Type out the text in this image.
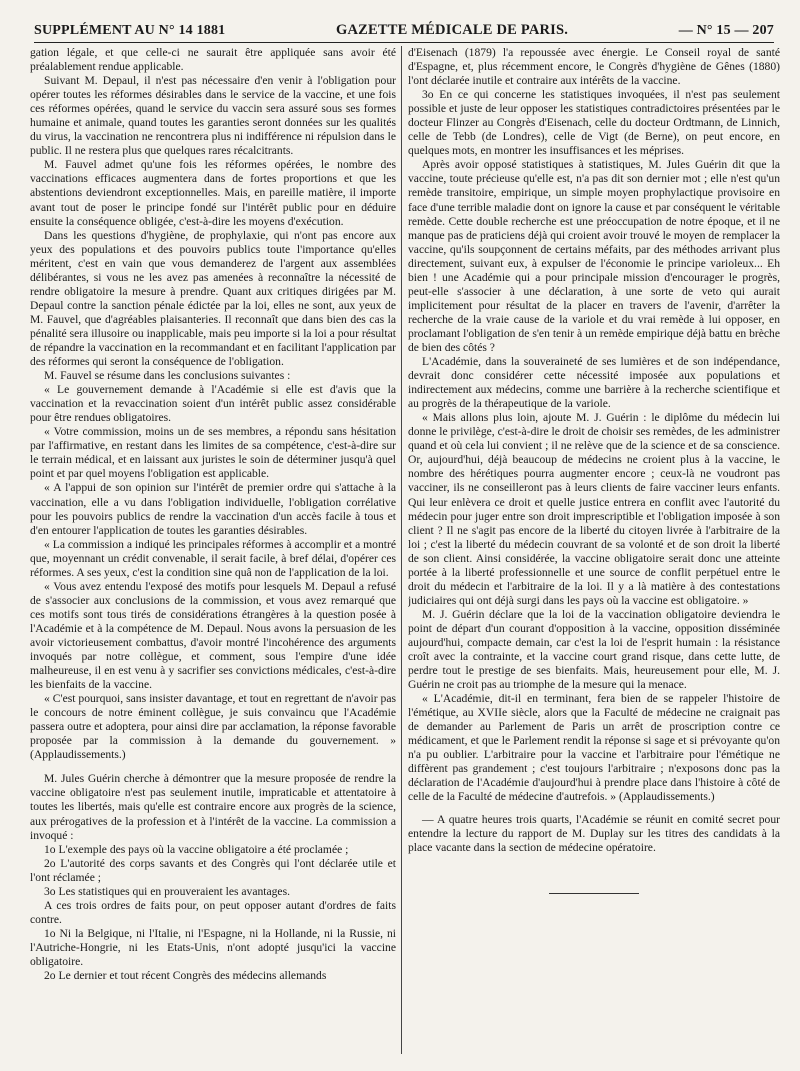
SUPPLÉMENT AU N° 14 1881	GAZETTE MÉDICALE DE PARIS.	— N° 15 — 207

gation légale, et que celle-ci ne saurait être appliquée sans avoir été préalablement rendue applicable.

Suivant M. Depaul, il n'est pas nécessaire d'en venir à l'obligation pour opérer toutes les réformes désirables dans le service de la vaccine, et une fois ces réformes opérées, quand le service du vaccin sera assuré sous ses formes humaine et animale, quand toutes les garanties seront données sur les qualités du virus, la vaccination ne rencontrera plus ni indifférence ni répulsion dans le public. Il ne restera plus que quelques rares récalcitrants.

M. Fauvel admet qu'une fois les réformes opérées, le nombre des vaccinations efficaces augmentera dans de fortes proportions et que les abstentions deviendront exceptionnelles. Mais, en pareille matière, il importe avant tout de poser le principe fondé sur l'intérêt public pour en déduire ensuite la conséquence obligée, c'est-à-dire les moyens d'exécution.

Dans les questions d'hygiène, de prophylaxie, qui n'ont pas encore aux yeux des populations et des pouvoirs publics toute l'importance qu'elles méritent, c'est en vain que vous demanderez de l'argent aux assemblées délibérantes, si vous ne les avez pas amenées à reconnaître la nécessité de rendre obligatoire la mesure à prendre. Quant aux critiques dirigées par M. Depaul contre la sanction pénale édictée par la loi, elles ne sont, aux yeux de M. Fauvel, que d'agréables plaisanteries. Il reconnaît que dans bien des cas la pénalité sera illusoire ou inapplicable, mais peu importe si la loi a pour résultat de répandre la vaccination en la recommandant et en facilitant l'application par des réformes qui seront la conséquence de l'obligation.

M. Fauvel se résume dans les conclusions suivantes :

« Le gouvernement demande à l'Académie si elle est d'avis que la vaccination et la revaccination soient d'un intérêt public assez considérable pour être rendues obligatoires.

« Votre commission, moins un de ses membres, a répondu sans hésitation par l'affirmative, en restant dans les limites de sa compétence, c'est-à-dire sur le terrain médical, et en laissant aux juristes le soin de déterminer jusqu'à quel point et par quel moyens l'obligation est applicable.

« A l'appui de son opinion sur l'intérêt de premier ordre qui s'attache à la vaccination, elle a vu dans l'obligation individuelle, l'obligation corrélative pour les pouvoirs publics de rendre la vaccination d'un accès facile à tous et d'en entourer l'application de toutes les garanties désirables.

« La commission a indiqué les principales réformes à accomplir et a montré que, moyennant un crédit convenable, il serait facile, à bref délai, d'opérer ces réformes. A ses yeux, c'est la condition sine quâ non de l'application de la loi.

« Vous avez entendu l'exposé des motifs pour lesquels M. Depaul a refusé de s'associer aux conclusions de la commission, et vous avez remarqué que ces motifs sont tous tirés de considérations étrangères à la question posée à l'Académie et à la compétence de M. Depaul. Nous avons la persuasion de les avoir victorieusement combattus, d'avoir montré l'incohérence des arguments invoqués par notre collègue, et comment, sous l'empire d'une idée malheureuse, il en est venu à y sacrifier ses convictions médicales, c'est-à-dire les bienfaits de la vaccine.

« C'est pourquoi, sans insister davantage, et tout en regrettant de n'avoir pas le concours de notre éminent collègue, je suis convaincu que l'Académie passera outre et adoptera, pour ainsi dire par acclamation, la réponse favorable proposée par la commission à la demande du gouvernement. » (Applaudissements.)

M. Jules Guérin cherche à démontrer que la mesure proposée de rendre la vaccine obligatoire n'est pas seulement inutile, impraticable et attentatoire à toutes les libertés, mais qu'elle est contraire encore aux progrès de la science, aux prérogatives de la profession et à l'intérêt de la vaccine. La commission a invoqué :

1o L'exemple des pays où la vaccine obligatoire a été proclamée ;

2o L'autorité des corps savants et des Congrès qui l'ont déclarée utile et l'ont réclamée ;

3o Les statistiques qui en prouveraient les avantages.

A ces trois ordres de faits pour, on peut opposer autant d'ordres de faits contre.

1o Ni la Belgique, ni l'Italie, ni l'Espagne, ni la Hollande, ni la Russie, ni l'Autriche-Hongrie, ni les Etats-Unis, n'ont adopté jusqu'ici la vaccine obligatoire.

2o Le dernier et tout récent Congrès des médecins allemands

d'Eisenach (1879) l'a repoussée avec énergie. Le Conseil royal de santé d'Espagne, et, plus récemment encore, le Congrès d'hygiène de Gênes (1880) l'ont déclarée inutile et contraire aux intérêts de la vaccine.

3o En ce qui concerne les statistiques invoquées, il n'est pas seulement possible et juste de leur opposer les statistiques contradictoires présentées par le docteur Flinzer au Congrès d'Eisenach, celle du docteur Ordtmann, de Linnich, celle de Tebb (de Londres), celle de Vigt (de Berne), on peut encore, en quelques mots, en montrer les insuffisances et les méprises.

Après avoir opposé statistiques à statistiques, M. Jules Guérin dit que la vaccine, toute précieuse qu'elle est, n'a pas dit son dernier mot ; elle n'est qu'un remède transitoire, empirique, un simple moyen prophylactique provisoire en face d'une terrible maladie dont on ignore la cause et par conséquent le véritable remède. Cette double recherche est une préoccupation de notre époque, et il ne manque pas de praticiens déjà qui croient avoir trouvé le moyen de remplacer la vaccine, qu'ils soupçonnent de certains méfaits, par des méthodes arrivant plus directement, suivant eux, à expulser de l'économie le principe varioleux... Eh bien ! une Académie qui a pour principale mission d'encourager le progrès, peut-elle s'associer à une déclaration, à une sorte de veto qui aurait implicitement pour résultat de la placer en travers de l'avenir, d'arrêter la recherche de la vraie cause de la variole et du vrai remède à lui opposer, en proclamant l'obligation de s'en tenir à un remède empirique déjà battu en brèche de bien des côtés ?

L'Académie, dans la souveraineté de ses lumières et de son indépendance, devrait donc considérer cette nécessité imposée aux populations et indirectement aux médecins, comme une barrière à la recherche scientifique et au progrès de la thérapeutique de la variole.

« Mais allons plus loin, ajoute M. J. Guérin : le diplôme du médecin lui donne le privilège, c'est-à-dire le droit de choisir ses remèdes, de les administrer quand et où cela lui convient ; il ne relève que de la science et de sa conscience. Or, aujourd'hui, déjà beaucoup de médecins ne croient plus à la vaccine, le nombre des hérétiques pourra augmenter encore ; ceux-là ne voudront pas vacciner, ils ne conseilleront pas à leurs clients de faire vacciner leurs enfants. Qui leur enlèvera ce droit et quelle justice entrera en conflit avec l'autorité du médecin pour juger entre son droit imprescriptible et l'obligation imposée à son client ? Il ne s'agit pas encore de la liberté du citoyen livrée à l'arbitraire de la loi ; c'est la liberté du médecin couvrant de sa volonté et de son droit la liberté de son client. Ainsi considérée, la vaccine obligatoire serait donc une atteinte portée à la liberté professionnelle et une source de conflit perpétuel entre le droit du médecin et l'arbitraire de la loi. Il y a là matière à des contestations judiciaires qui ont déjà surgi dans les pays où la vaccine est obligatoire. »

M. J. Guérin déclare que la loi de la vaccination obligatoire deviendra le point de départ d'un courant d'opposition à la vaccine, opposition disséminée aujourd'hui, compacte demain, car c'est la loi de l'esprit humain : la résistance croît avec la contrainte, et la vaccine court grand risque, dans cette lutte, de perdre tout le prestige de ses bienfaits. Mais, heureusement pour elle, M. J. Guérin ne croit pas au triomphe de la mesure qui la menace.

« L'Académie, dit-il en terminant, fera bien de se rappeler l'histoire de l'émétique, au XVIIe siècle, alors que la Faculté de médecine ne craignait pas de demander au Parlement de Paris un arrêt de proscription contre ce médicament, et que le Parlement rendit la réponse si sage et si prévoyante qu'on n'a pu oublier. L'arbitraire pour la vaccine et l'arbitraire pour l'émétique ne diffèrent pas grandement ; c'est toujours l'arbitraire ; n'exposons donc pas la déclaration de l'Académie d'aujourd'hui à prendre place dans l'histoire à côté de celle de la Faculté de médecine d'autrefois. » (Applaudissements.)

— A quatre heures trois quarts, l'Académie se réunit en comité secret pour entendre la lecture du rapport de M. Duplay sur les titres des candidats à la place vacante dans la section de médecine opératoire.
